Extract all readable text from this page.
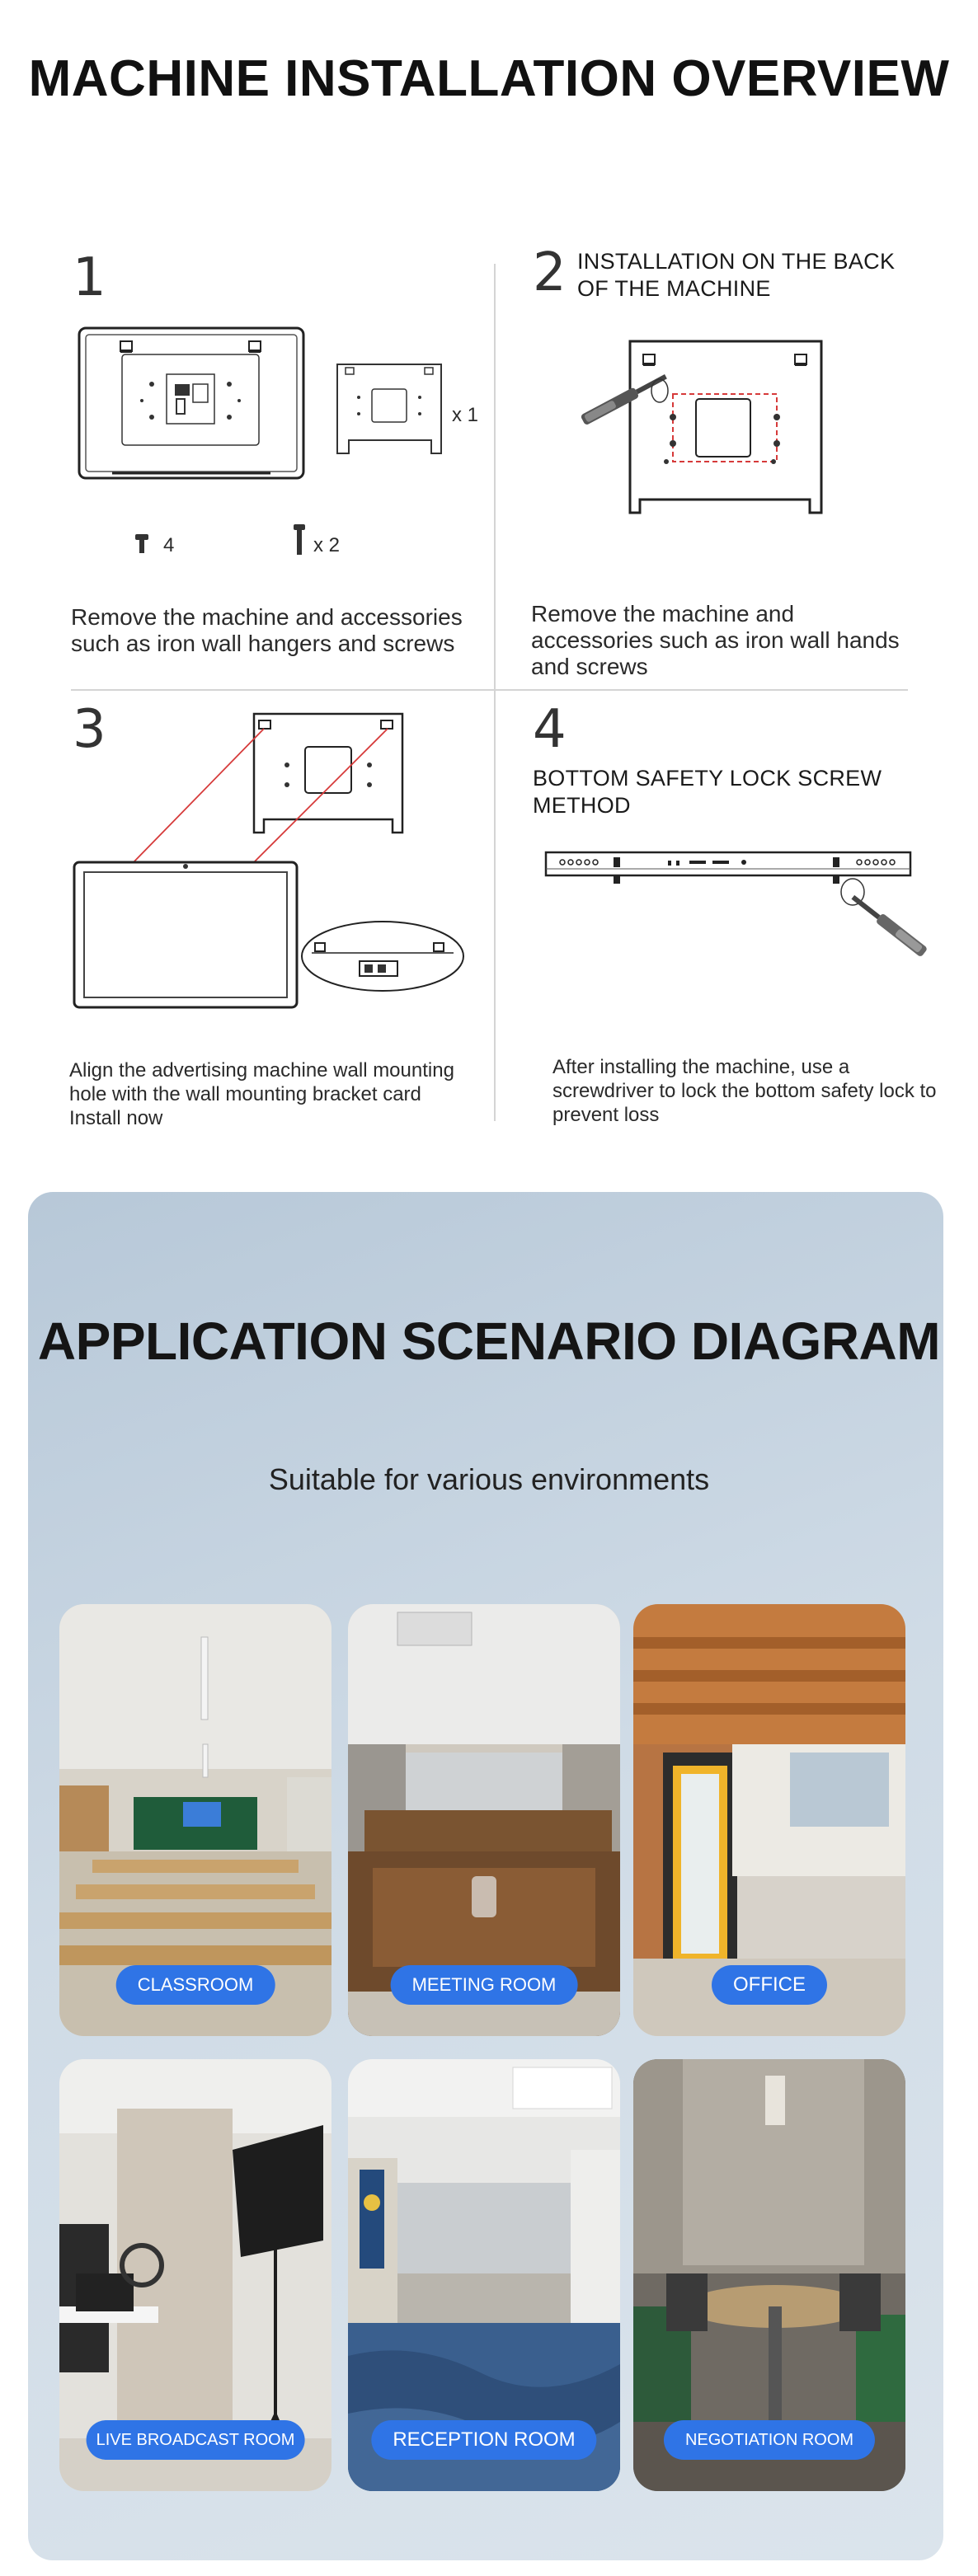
MACHINE INSTALLATION OVERVIEW
1
x 1
4	x 2
Remove the machine and accessories such as iron wall hangers and screws
2 INSTALLATION ON THE BACK OF THE MACHINE
Remove the machine and accessories such as iron wall hands and screws
3
Align the advertising machine wall mounting hole with the wall mounting bracket card Install now
4
BOTTOM SAFETY LOCK SCREW METHOD
After installing the machine, use a screwdriver to lock the bottom safety lock to prevent loss
APPLICATION SCENARIO DIAGRAM
Suitable for various environments
CLASSROOM	MEETING ROOM	OFFICE
LIVE BROADCAST ROOM	RECEPTION ROOM	NEGOTIATION ROOM
